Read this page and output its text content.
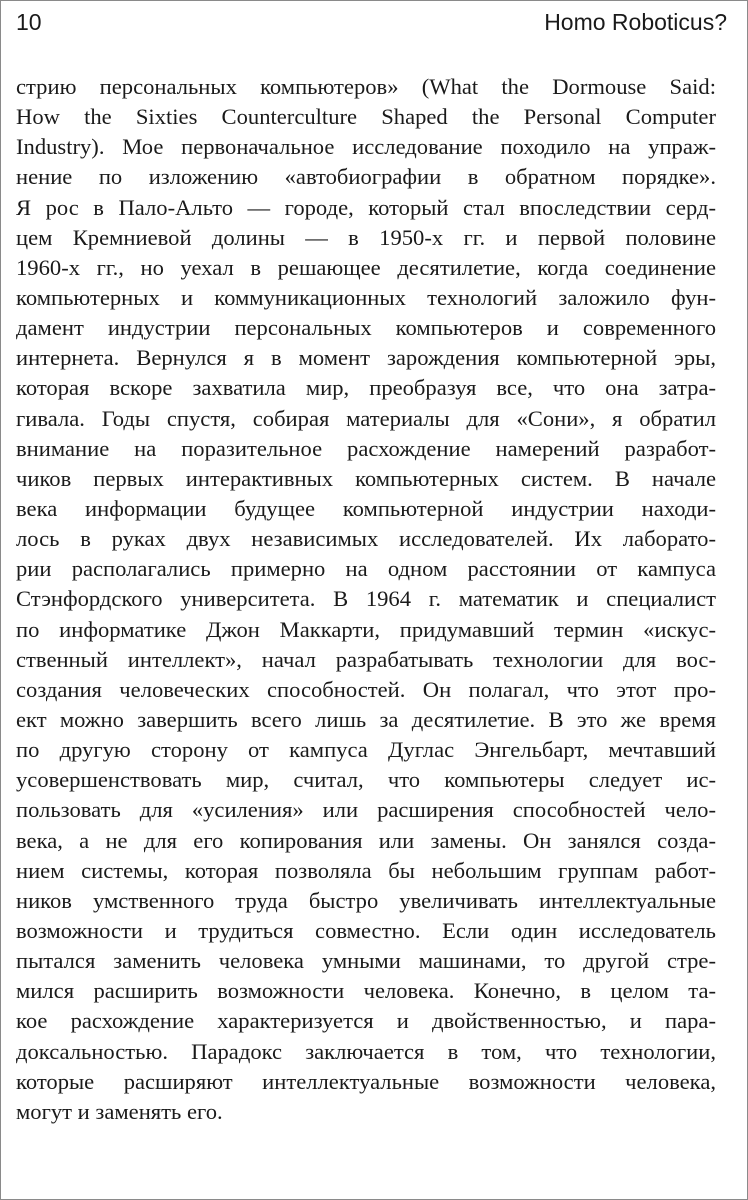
10	Homo Roboticus?
стрию персональных компьютеров» (What the Dormouse Said:
How the Sixties Counterculture Shaped the Personal Computer
Industry). Мое первоначальное исследование походило на упраж-
нение по изложению «автобиографии в обратном порядке».
Я рос в Пало-Альто — городе, который стал впоследствии серд-
цем Кремниевой долины — в 1950-х гг. и первой половине
1960-х гг., но уехал в решающее десятилетие, когда соединение
компьютерных и коммуникационных технологий заложило фун-
дамент индустрии персональных компьютеров и современного
интернета. Вернулся я в момент зарождения компьютерной эры,
которая вскоре захватила мир, преобразуя все, что она затра-
гивала. Годы спустя, собирая материалы для «Сони», я обратил
внимание на поразительное расхождение намерений разработ-
чиков первых интерактивных компьютерных систем. В начале
века информации будущее компьютерной индустрии находи-
лось в руках двух независимых исследователей. Их лаборато-
рии располагались примерно на одном расстоянии от кампуса
Стэнфордского университета. В 1964 г. математик и специалист
по информатике Джон Маккарти, придумавший термин «искус-
ственный интеллект», начал разрабатывать технологии для вос-
создания человеческих способностей. Он полагал, что этот про-
ект можно завершить всего лишь за десятилетие. В это же время
по другую сторону от кампуса Дуглас Энгельбарт, мечтавший
усовершенствовать мир, считал, что компьютеры следует ис-
пользовать для «усиления» или расширения способностей чело-
века, а не для его копирования или замены. Он занялся созда-
нием системы, которая позволяла бы небольшим группам работ-
ников умственного труда быстро увеличивать интеллектуальные
возможности и трудиться совместно. Если один исследователь
пытался заменить человека умными машинами, то другой стре-
мился расширить возможности человека. Конечно, в целом та-
кое расхождение характеризуется и двойственностью, и пара-
доксальностью. Парадокс заключается в том, что технологии,
которые расширяют интеллектуальные возможности человека,
могут и заменять его.
